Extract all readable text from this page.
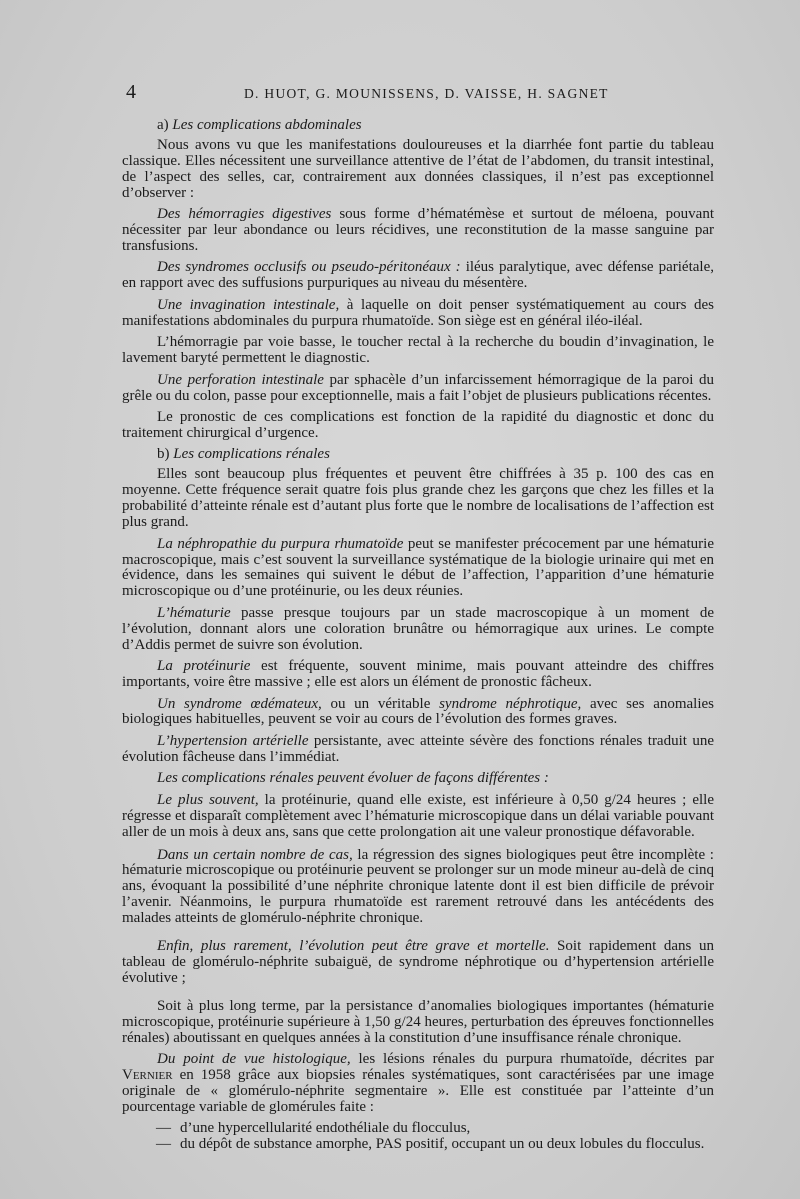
4	D. HUOT, G. MOUNISSENS, D. VAISSE, H. SAGNET

a) Les complications abdominales

Nous avons vu que les manifestations douloureuses et la diarrhée font partie du tableau classique. Elles nécessitent une surveillance attentive de l’état de l’abdomen, du transit intestinal, de l’aspect des selles, car, contrairement aux données classiques, il n’est pas exceptionnel d’observer :

Des hémorragies digestives sous forme d’hématémèse et surtout de méloena, pouvant nécessiter par leur abondance ou leurs récidives, une reconstitution de la masse sanguine par transfusions.

Des syndromes occlusifs ou pseudo-péritonéaux : iléus paralytique, avec défense pariétale, en rapport avec des suffusions purpuriques au niveau du mésentère.

Une invagination intestinale, à laquelle on doit penser systématiquement au cours des manifestations abdominales du purpura rhumatoïde. Son siège est en général iléo-iléal.

L’hémorragie par voie basse, le toucher rectal à la recherche du boudin d’invagination, le lavement baryté permettent le diagnostic.

Une perforation intestinale par sphacèle d’un infarcissement hémorragique de la paroi du grêle ou du colon, passe pour exceptionnelle, mais a fait l’objet de plusieurs publications récentes.

Le pronostic de ces complications est fonction de la rapidité du diagnostic et donc du traitement chirurgical d’urgence.

b) Les complications rénales

Elles sont beaucoup plus fréquentes et peuvent être chiffrées à 35 p. 100 des cas en moyenne. Cette fréquence serait quatre fois plus grande chez les garçons que chez les filles et la probabilité d’atteinte rénale est d’autant plus forte que le nombre de localisations de l’affection est plus grand.

La néphropathie du purpura rhumatoïde peut se manifester précocement par une hématurie macroscopique, mais c’est souvent la surveillance systématique de la biologie urinaire qui met en évidence, dans les semaines qui suivent le début de l’affection, l’apparition d’une hématurie microscopique ou d’une protéinurie, ou les deux réunies.

L’hématurie passe presque toujours par un stade macroscopique à un moment de l’évolution, donnant alors une coloration brunâtre ou hémorragique aux urines. Le compte d’Addis permet de suivre son évolution.

La protéinurie est fréquente, souvent minime, mais pouvant atteindre des chiffres importants, voire être massive ; elle est alors un élément de pronostic fâcheux.

Un syndrome œdémateux, ou un véritable syndrome néphrotique, avec ses anomalies biologiques habituelles, peuvent se voir au cours de l’évolution des formes graves.

L’hypertension artérielle persistante, avec atteinte sévère des fonctions rénales traduit une évolution fâcheuse dans l’immédiat.

Les complications rénales peuvent évoluer de façons différentes :

Le plus souvent, la protéinurie, quand elle existe, est inférieure à 0,50 g/24 heures ; elle régresse et disparaît complètement avec l’hématurie microscopique dans un délai variable pouvant aller de un mois à deux ans, sans que cette prolongation ait une valeur pronostique défavorable.

Dans un certain nombre de cas, la régression des signes biologiques peut être incomplète : hématurie microscopique ou protéinurie peuvent se prolonger sur un mode mineur au-delà de cinq ans, évoquant la possibilité d’une néphrite chronique latente dont il est bien difficile de prévoir l’avenir. Néanmoins, le purpura rhumatoïde est rarement retrouvé dans les antécédents des malades atteints de glomérulo-néphrite chronique.

Enfin, plus rarement, l’évolution peut être grave et mortelle. Soit rapidement dans un tableau de glomérulo-néphrite subaiguë, de syndrome néphrotique ou d’hypertension artérielle évolutive ;

Soit à plus long terme, par la persistance d’anomalies biologiques importantes (hématurie microscopique, protéinurie supérieure à 1,50 g/24 heures, perturbation des épreuves fonctionnelles rénales) aboutissant en quelques années à la constitution d’une insuffisance rénale chronique.

Du point de vue histologique, les lésions rénales du purpura rhumatoïde, décrites par Vernier en 1958 grâce aux biopsies rénales systématiques, sont caractérisées par une image originale de « glomérulo-néphrite segmentaire ». Elle est constituée par l’atteinte d’un pourcentage variable de glomérules faite :

— d’une hypercellularité endothéliale du flocculus,
— du dépôt de substance amorphe, PAS positif, occupant un ou deux lobules du flocculus.
